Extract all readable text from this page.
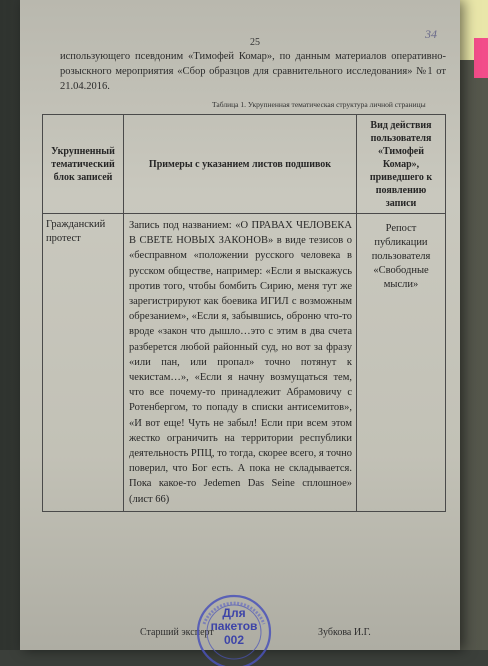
25
34

использующего псевдоним «Тимофей Комар», по данным материалов оперативно-розыскного мероприятия «Сбор образцов для сравнительного исследования» №1 от 21.04.2016.

Таблица 1. Укрупненная тематическая структура личной страницы
Укрупненный тематический блок записей	Примеры с указанием листов подшивок	Вид действия пользователя «Тимофей Комар», приведшего к появлению записи
Гражданский протест	Запись под названием: «О ПРАВАХ ЧЕЛОВЕКА В СВЕТЕ НОВЫХ ЗАКОНОВ» в виде тезисов о «бесправном «положении русского человека в русском обществе, например: «Если я выскажусь против того, чтобы бомбить Сирию, меня тут же зарегистрируют как боевика ИГИЛ с возможным обрезанием», «Если я, забывшись, оброню что-то вроде «закон что дышло…это с этим в два счета разберется любой районный суд, но вот за фразу «или пан, или пропал» точно потянут к чекистам…», «Если я начну возмущаться тем, что все почему-то принадлежит Абрамовичу с Ротенбергом, то попаду в списки антисемитов», «И вот еще! Чуть не забыл! Если при всем этом жестко ограничить на территории республики деятельность РПЦ, то тогда, скорее всего, я точно поверил, что Бог есть. А пока не складывается. Пока какое-то Jedemen Das Seine сплошное» (лист 66)	Репост публикации пользователя «Свободные мысли»
Старший эксперт	Зубкова И.Г.
Для
пакетов
002
